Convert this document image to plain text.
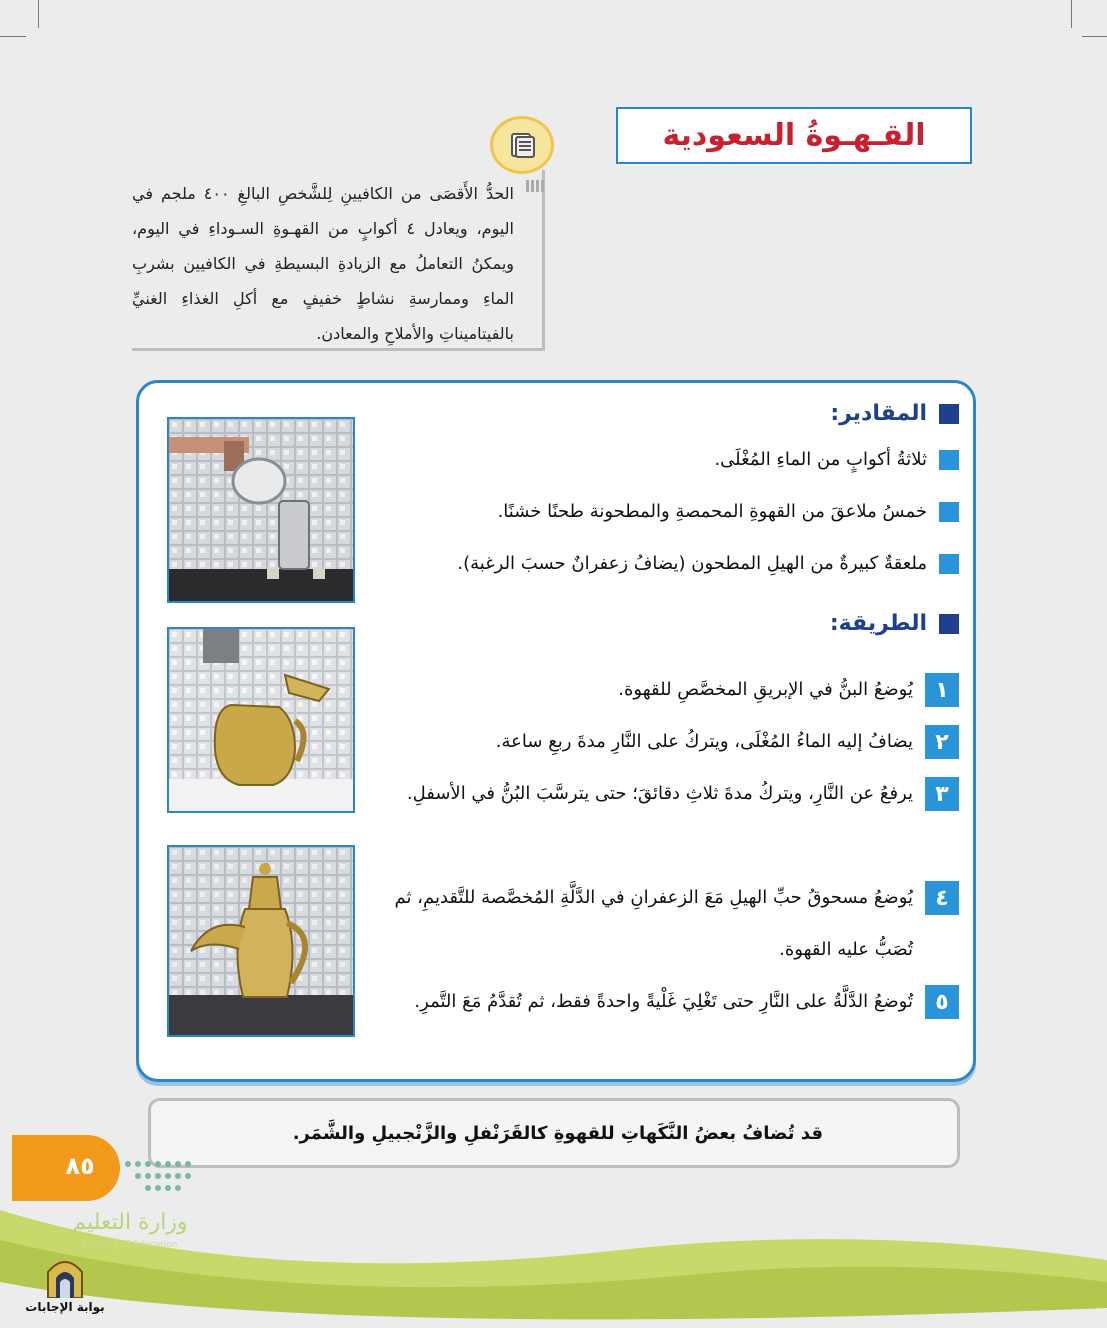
القـهـوةُ السعودية

الحدُّ الأَقصَى من الكافيينِ لِلشَّخصِ البالغِ ٤٠٠ ملجم في اليوم، ويعادل ٤ أكوابٍ من القهـوةِ السـوداءِ في اليوم، ويمكنُ التعاملُ مع الزيادةِ البسيطةِ في الكافيين بشربِ الماءِ وممارسةِ نشاطٍ خفيفٍ مع أكلِ الغذاءِ الغنيِّ بالفيتاميناتِ والأملاحِ والمعادن.

المقادير:
ثلاثةُ أكوابٍ من الماءِ المُغْلَى.
خمسُ ملاعقَ من القهوةِ المحمصةِ والمطحونة طحنًا خشنًا.
ملعقةٌ كبيرةٌ من الهيلِ المطحون (يضافُ زعفرانٌ حسبَ الرغبة).
الطريقة:
١
يُوضعُ البنُّ في الإبريقِ المخصَّصِ للقهوة.
٢
يضافُ إليه الماءُ المُغْلَى، ويتركُ على النَّارِ مدةَ ربعِ ساعة.
٣
يرفعُ عن النَّارِ، ويتركُ مدةَ ثلاثِ دقائقَ؛ حتى يترسَّبَ البُنُّ في الأسفلِ.
٤
يُوضعُ مسحوقُ حبِّ الهيلِ مَعَ الزعفرانِ في الدَّلَّةِ المُخصَّصة للتَّقديمِ، ثم تُصَبُّ عليه القهوة.
٥
تُوضعُ الدَّلَّةُ على النَّارِ حتى تَغْلِيَ غَلْيةً واحدةً فقط، ثم تُقدَّمُ مَعَ التَّمرِ.
قد تُضافُ بعضُ النَّكَهاتِ للقهوةِ كالقَرَنْفلِ والزَّنْجبيلِ والشَّمَر.
٨٥
وزارة التعليم
Ministry of Education
بوابة الإجابات
